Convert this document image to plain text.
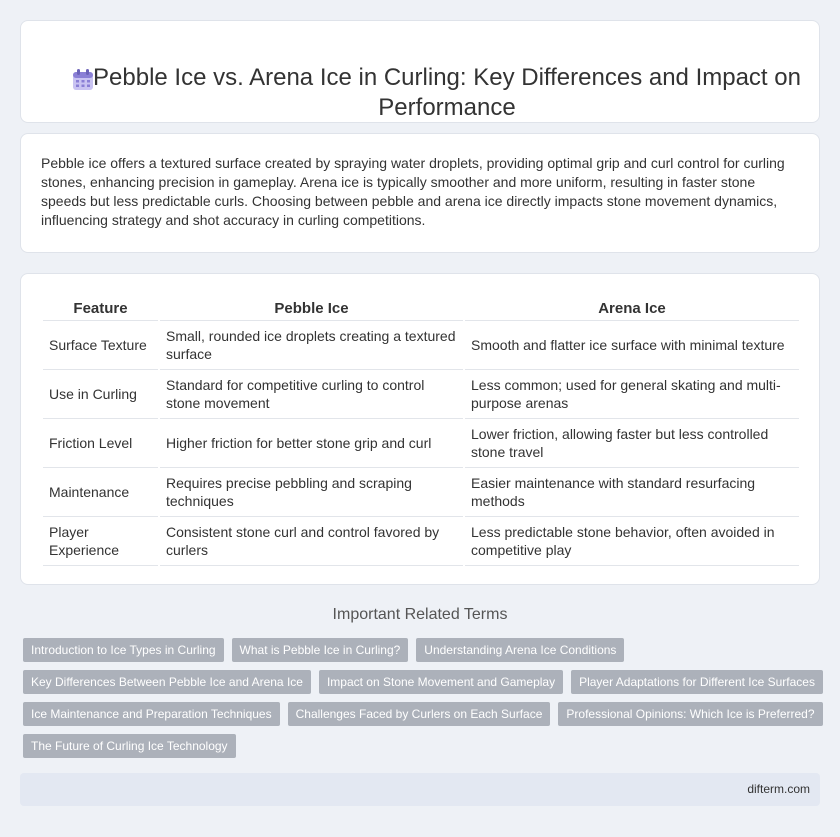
Pebble Ice vs. Arena Ice in Curling: Key Differences and Impact on Performance

Pebble ice offers a textured surface created by spraying water droplets, providing optimal grip and curl control for curling stones, enhancing precision in gameplay. Arena ice is typically smoother and more uniform, resulting in faster stone speeds but less predictable curls. Choosing between pebble and arena ice directly impacts stone movement dynamics, influencing strategy and shot accuracy in curling competitions.

Feature	Pebble Ice	Arena Ice
Surface Texture	Small, rounded ice droplets creating a textured surface	Smooth and flatter ice surface with minimal texture
Use in Curling	Standard for competitive curling to control stone movement	Less common; used for general skating and multi-purpose arenas
Friction Level	Higher friction for better stone grip and curl	Lower friction, allowing faster but less controlled stone travel
Maintenance	Requires precise pebbling and scraping techniques	Easier maintenance with standard resurfacing methods
Player Experience	Consistent stone curl and control favored by curlers	Less predictable stone behavior, often avoided in competitive play
Important Related Terms
Introduction to Ice Types in Curling	What is Pebble Ice in Curling?	Understanding Arena Ice Conditions
Key Differences Between Pebble Ice and Arena Ice	Impact on Stone Movement and Gameplay	Player Adaptations for Different Ice Surfaces
Ice Maintenance and Preparation Techniques	Challenges Faced by Curlers on Each Surface	Professional Opinions: Which Ice is Preferred?
The Future of Curling Ice Technology
difterm.com
